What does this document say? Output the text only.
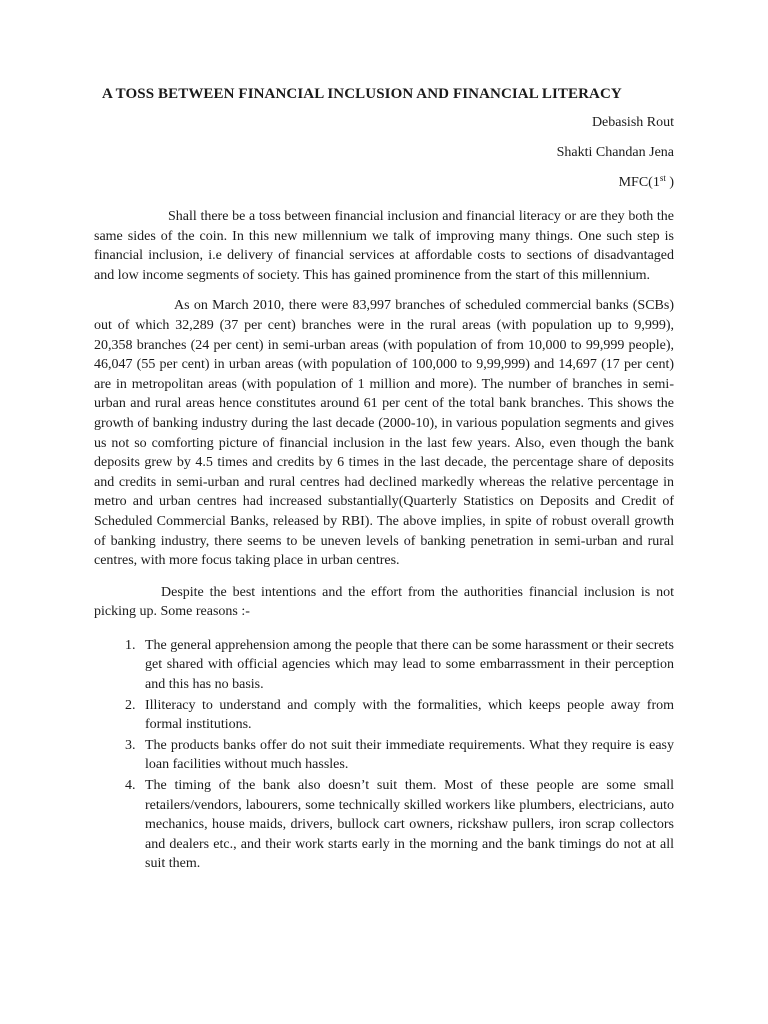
A TOSS BETWEEN FINANCIAL INCLUSION AND FINANCIAL LITERACY
Debasish Rout
Shakti Chandan Jena
MFC(1st )

Shall there be a toss between financial inclusion and financial literacy or are they both the same sides of the coin. In this new millennium we talk of improving many things. One such step is financial inclusion, i.e delivery of financial services at affordable costs to sections of disadvantaged and low income segments of society. This has gained prominence from the start of this millennium.

As on March 2010, there were 83,997 branches of scheduled commercial banks (SCBs) out of which 32,289 (37 per cent) branches were in the rural areas (with population up to 9,999), 20,358 branches (24 per cent) in semi-urban areas (with population of from 10,000 to 99,999 people), 46,047 (55 per cent) in urban areas (with population of 100,000 to 9,99,999) and 14,697 (17 per cent) are in metropolitan areas (with population of 1 million and more). The number of branches in semi-urban and rural areas hence constitutes around 61 per cent of the total bank branches. This shows the growth of banking industry during the last decade (2000-10), in various population segments and gives us not so comforting picture of financial inclusion in the last few years. Also, even though the bank deposits grew by 4.5 times and credits by 6 times in the last decade, the percentage share of deposits and credits in semi-urban and rural centres had declined markedly whereas the relative percentage in metro and urban centres had increased substantially(Quarterly Statistics on Deposits and Credit of Scheduled Commercial Banks, released by RBI). The above implies, in spite of robust overall growth of banking industry, there seems to be uneven levels of banking penetration in semi-urban and rural centres, with more focus taking place in urban centres.

Despite the best intentions and the effort from the authorities financial inclusion is not picking up. Some reasons :-

1. The general apprehension among the people that there can be some harassment or their secrets get shared with official agencies which may lead to some embarrassment in their perception and this has no basis.
2. Illiteracy to understand and comply with the formalities, which keeps people away from formal institutions.
3. The products banks offer do not suit their immediate requirements. What they require is easy loan facilities without much hassles.
4. The timing of the bank also doesn’t suit them. Most of these people are some small retailers/vendors, labourers, some technically skilled workers like plumbers, electricians, auto mechanics, house maids, drivers, bullock cart owners, rickshaw pullers, iron scrap collectors and dealers etc., and their work starts early in the morning and the bank timings do not at all suit them.
